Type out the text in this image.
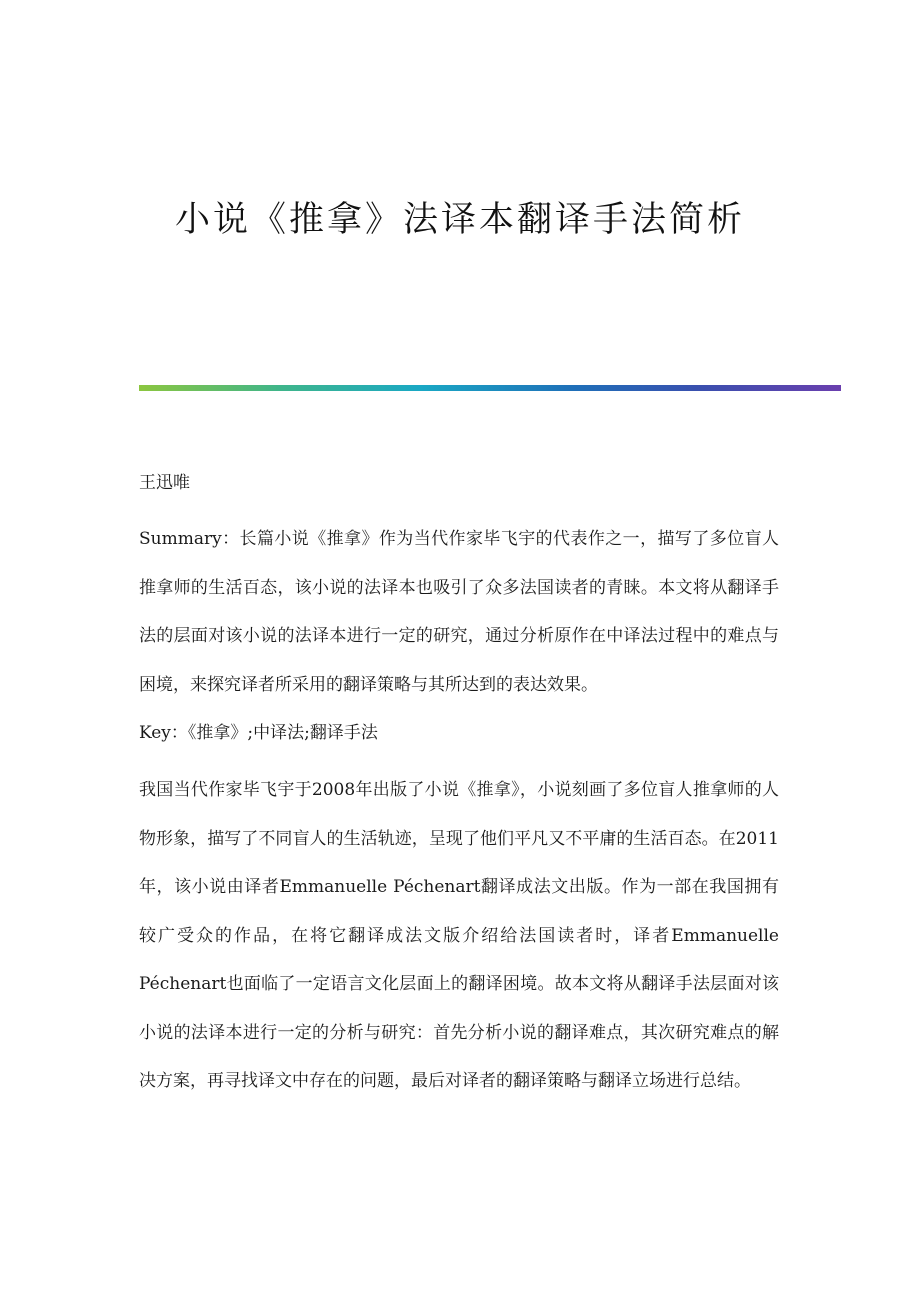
小说《推拿》法译本翻译手法简析

王迅唯

Summary：长篇小说《推拿》作为当代作家毕飞宇的代表作之一，描写了多位盲人推拿师的生活百态，该小说的法译本也吸引了众多法国读者的青睐。本文将从翻译手法的层面对该小说的法译本进行一定的研究，通过分析原作在中译法过程中的难点与困境，来探究译者所采用的翻译策略与其所达到的表达效果。

Key：《推拿》;中译法;翻译手法

我国当代作家毕飞宇于2008年出版了小说《推拿》，小说刻画了多位盲人推拿师的人物形象，描写了不同盲人的生活轨迹，呈现了他们平凡又不平庸的生活百态。在2011年，该小说由译者Emmanuelle Péchenart翻译成法文出版。作为一部在我国拥有较广受众的作品，在将它翻译成法文版介绍给法国读者时，译者Emmanuelle Péchenart也面临了一定语言文化层面上的翻译困境。故本文将从翻译手法层面对该小说的法译本进行一定的分析与研究：首先分析小说的翻译难点，其次研究难点的解决方案，再寻找译文中存在的问题，最后对译者的翻译策略与翻译立场进行总结。
